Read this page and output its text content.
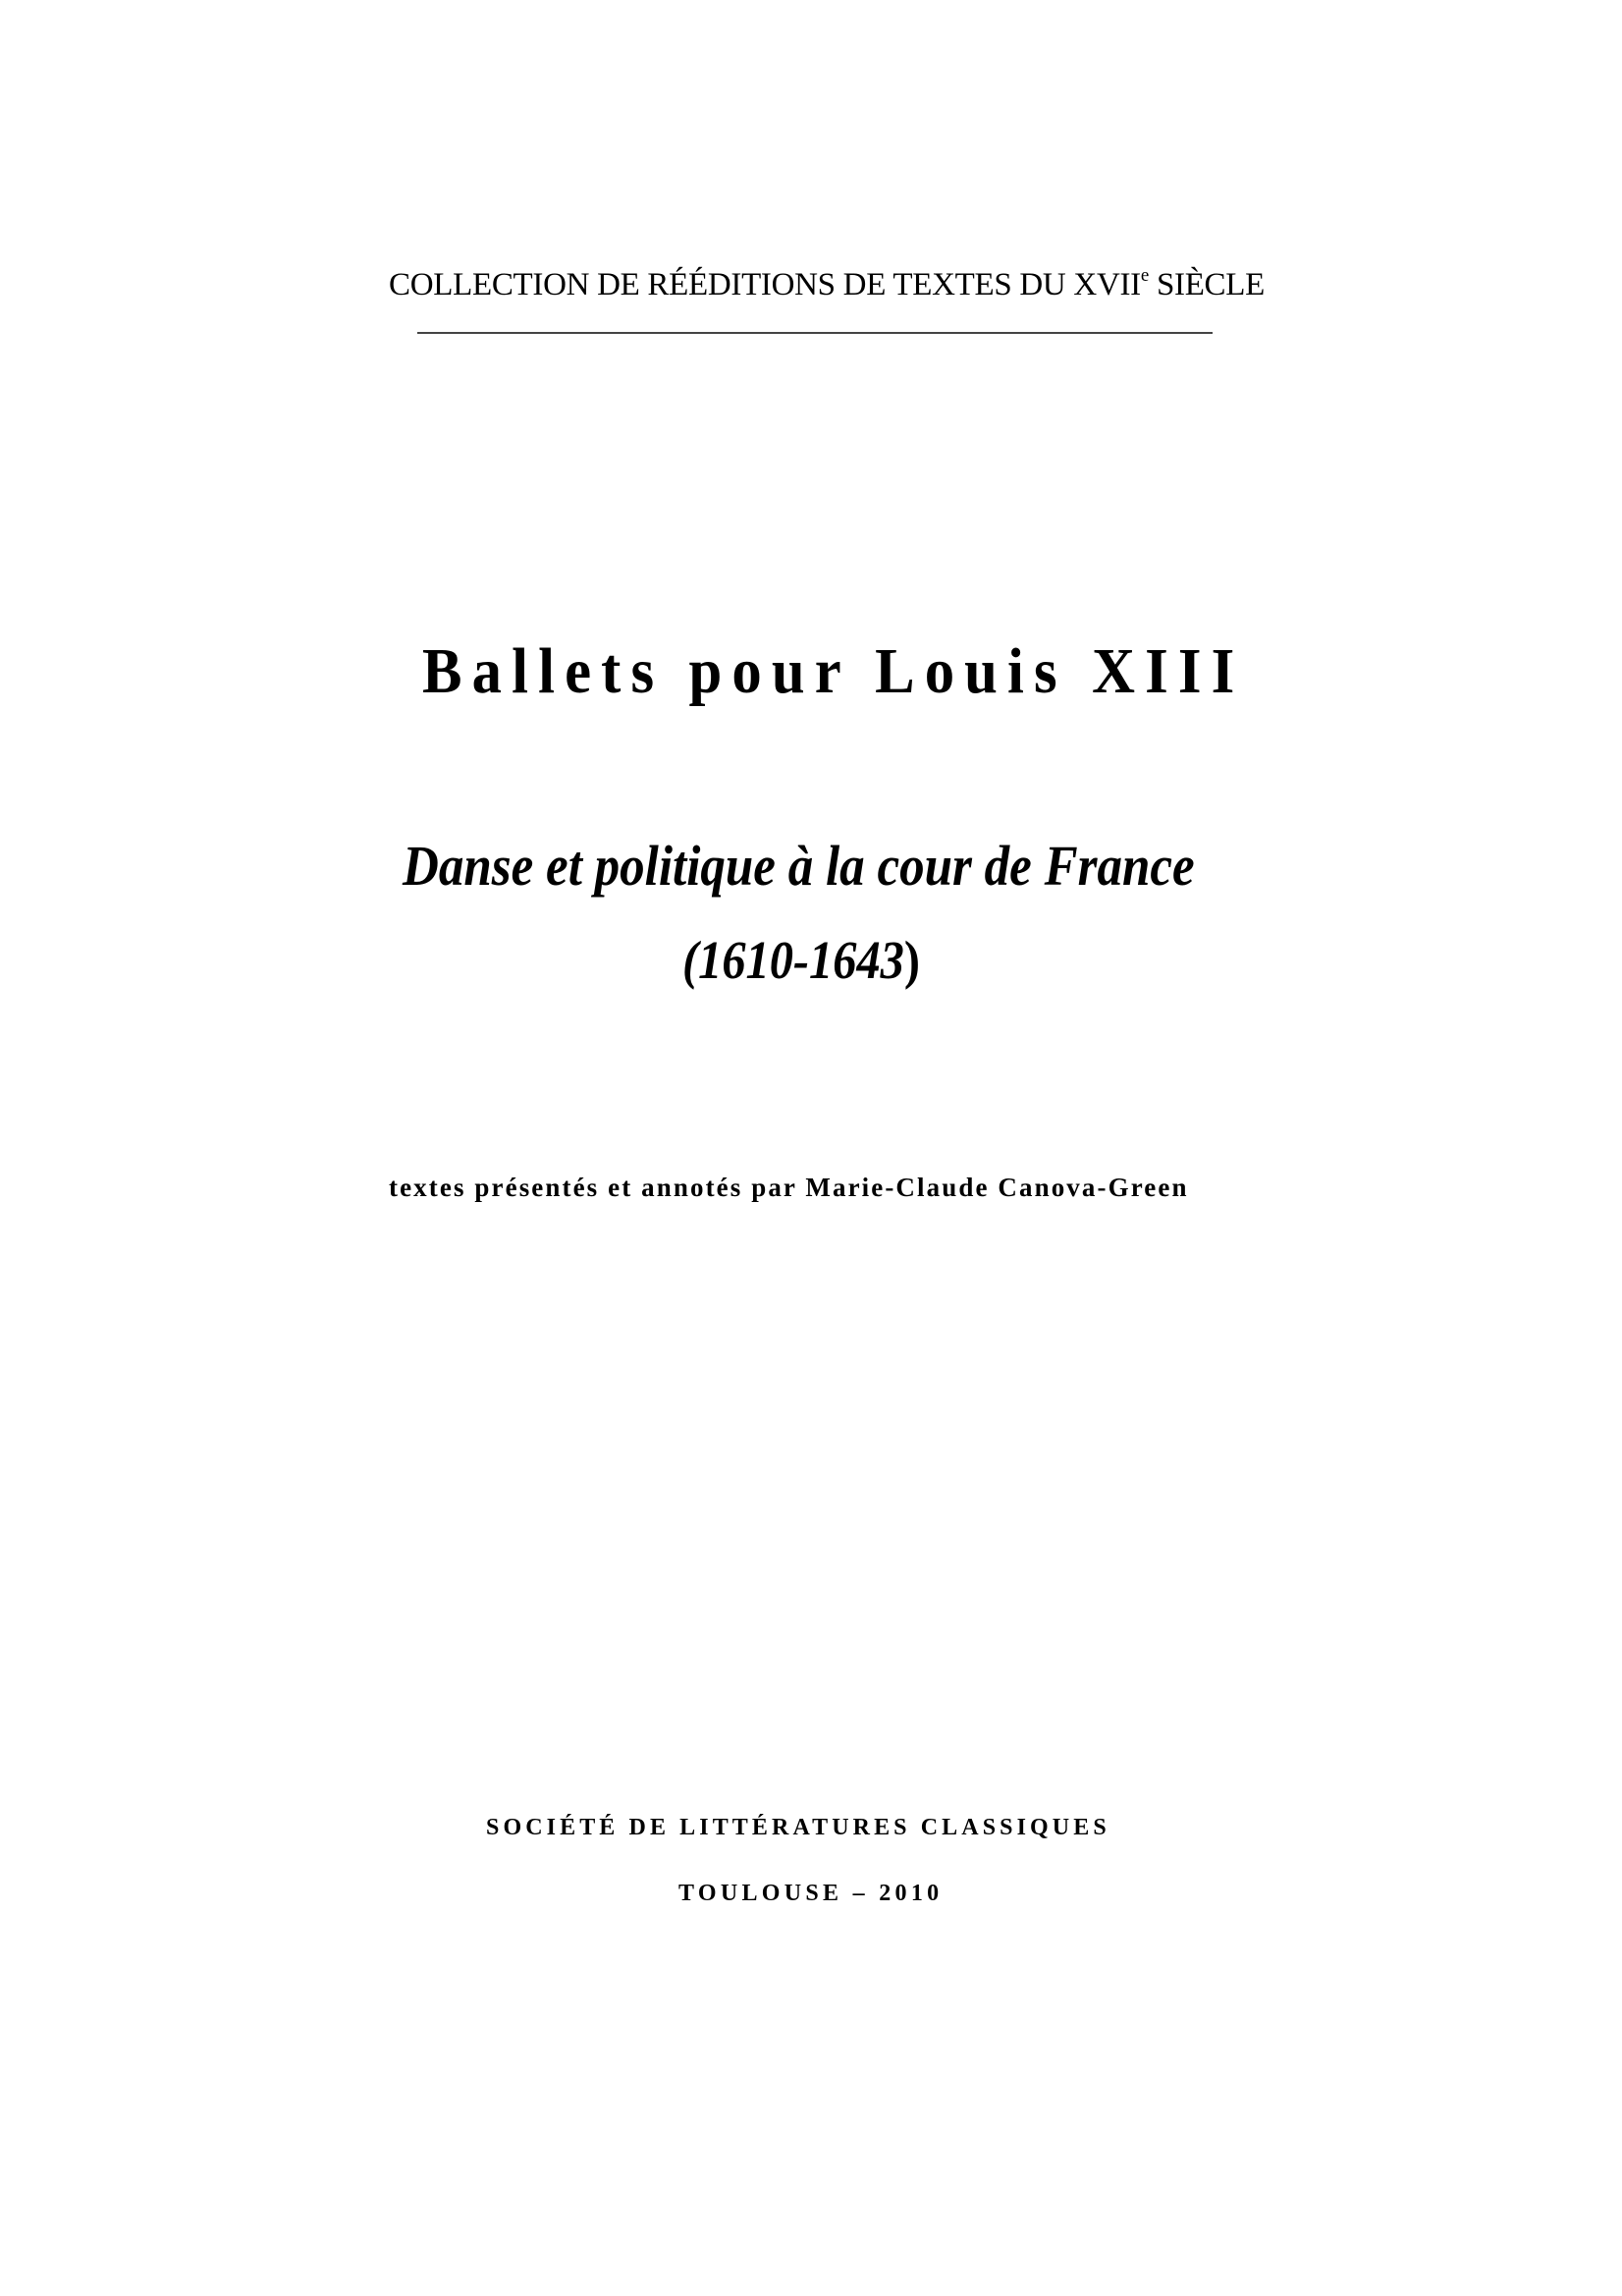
COLLECTION DE RÉÉDITIONS DE TEXTES DU XVIIe SIÈCLE
Ballets pour Louis XIII
Danse et politique à la cour de France
(1610-1643)
textes présentés et annotés par Marie-Claude Canova-Green
SOCIÉTÉ DE LITTÉRATURES CLASSIQUES
TOULOUSE – 2010
